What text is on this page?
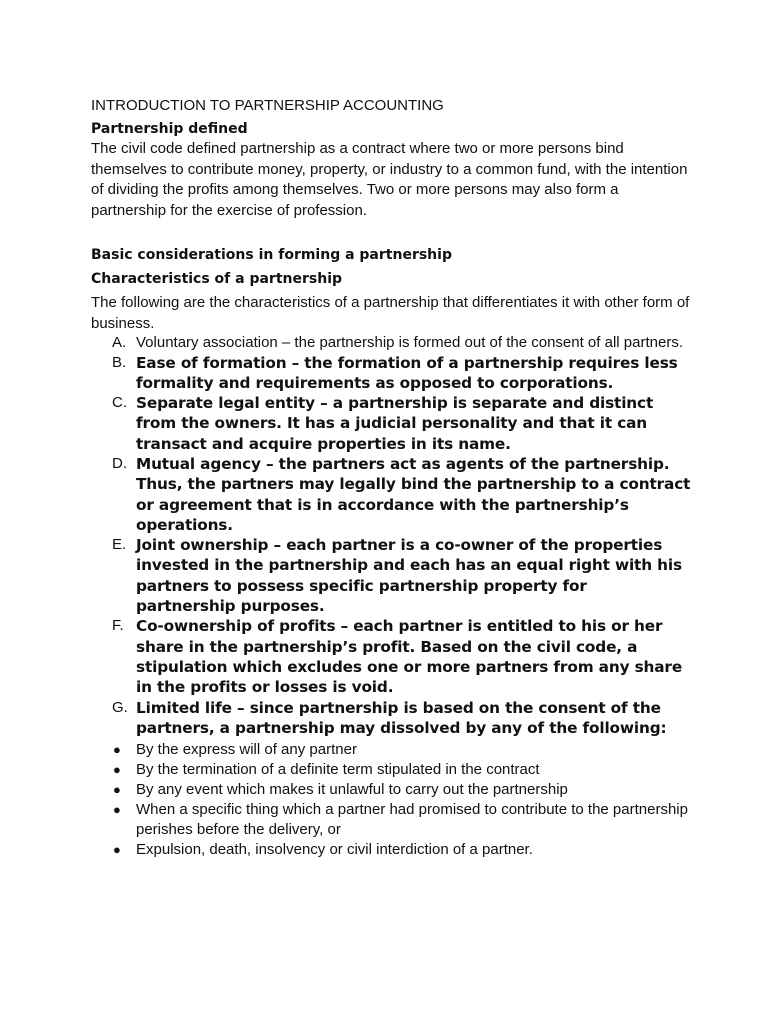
INTRODUCTION TO PARTNERSHIP ACCOUNTING
Partnership defined

The civil code defined partnership as a contract where two or more persons bind themselves to contribute money, property, or industry to a common fund, with the intention of dividing the profits among themselves. Two or more persons may also form a partnership for the exercise of profession.

Basic considerations in forming a partnership
Characteristics of a partnership

The following are the characteristics of a partnership that differentiates it with other form of business.

A. Voluntary association – the partnership is formed out of the consent of all partners.
B. Ease of formation – the formation of a partnership requires less formality and requirements as opposed to corporations.
C. Separate legal entity – a partnership is separate and distinct from the owners. It has a judicial personality and that it can transact and acquire properties in its name.
D. Mutual agency – the partners act as agents of the partnership. Thus, the partners may legally bind the partnership to a contract or agreement that is in accordance with the partnership’s operations.
E. Joint ownership – each partner is a co-owner of the properties invested in the partnership and each has an equal right with his partners to possess specific partnership property for partnership purposes.
F. Co-ownership of profits – each partner is entitled to his or her share in the partnership’s profit. Based on the civil code, a stipulation which excludes one or more partners from any share in the profits or losses is void.
G. Limited life – since partnership is based on the consent of the partners, a partnership may dissolved by any of the following:
● By the express will of any partner
● By the termination of a definite term stipulated in the contract
● By any event which makes it unlawful to carry out the partnership
● When a specific thing which a partner had promised to contribute to the partnership perishes before the delivery, or
● Expulsion, death, insolvency or civil interdiction of a partner.
